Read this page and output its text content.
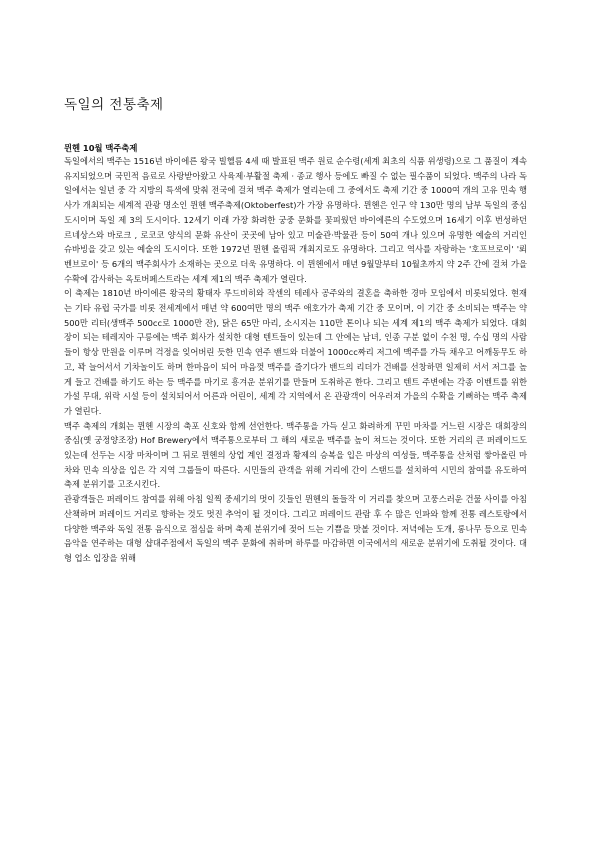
독일의 전통축제
뮌헨 10월 맥주축제

독일에서의 맥주는 1516년 바이에른 왕국 빌헬름 4세 때 발표된 맥주 원료 순수령(세계 최초의 식품 위생령)으로 그 품질이 계속 유지되었으며 국민적 음료로 사랑받아왔고 사육제·부활절 축제 · 종교 행사 등에도 빠질 수 없는 필수품이 되었다. 맥주의 나라 독일에서는 일년 중 각 지방의 특색에 맞춰 전국에 걸쳐 맥주 축제가 열리는데 그 중에서도 축제 기간 중 1000여 개의 고유 민속 행사가 개최되는 세계적 관광 명소인 뮌헨 맥주축제(Oktoberfest)가 가장 유명하다. 뮌헨은 인구 약 130만 명의 남부 독일의 중심 도시이며 독일 제 3의 도시이다. 12세기 이래 가장 화려한 궁중 문화를 꽃피웠던 바이에른의 수도였으며 16세기 이후 번성하던 르네상스와 바로크 , 로코코 양식의 문화 유산이 곳곳에 남아 있고 미술관·박물관 등이 50여 개나 있으며 유명한 예술의 거리인 슈바빙을 갖고 있는 예술의 도시이다. 또한 1972년 뮌헨 올림픽 개최지로도 유명하다. 그리고 역사를 자랑하는 '호프브로이' '뢰벤브로이' 등 6개의 맥주회사가 소재하는 곳으로 더욱 유명하다. 이 뮌헨에서 매년 9월말부터 10월초까지 약 2주 간에 걸쳐 가을 수확에 감사하는 옥토버페스트라는 세계 제1의 맥주 축제가 열린다.

이 축제는 1810년 바이에른 왕국의 황태자 루드비히와 작센의 테레사 공주와의 결혼을 축하한 경마 모임에서 비롯되었다. 현재는 기타 유럽 국가를 비롯 전세계에서 매년 약 600여만 명의 맥주 애호가가 축제 기간 중 모이며, 이 기간 중 소비되는 맥주는 약500만 리터(생맥주 500cc로 1000만 잔), 닭은 65만 마리, 소시지는 110만 톤이나 되는 세계 제1의 맥주 축제가 되었다. 대회장이 되는 테레지아 구릉에는 맥주 회사가 설치한 대형 텐트들이 있는데 그 안에는 남녀, 인종 구분 없이 수천 명, 수십 명의 사람들이 항상 만원을 이루며 걱정을 잊어버린 듯한 민속 연주 밴드와 더불어 1000cc짜리 저그에 맥주를 가득 채우고 어깨동무도 하고, 꽉 늘어서서 기차놀이도 하며 한마음이 되어 마음껏 맥주를 즐기다가 밴드의 리더가 건배를 선창하면 일제히 서서 저그를 높게 들고 건배를 하기도 하는 등 맥주를 마기로 흥겨운 분위기를 만들며 도취하곤 한다. 그리고 텐트 주변에는 각종 이벤트를 위한 가설 무대, 위락 시설 등이 설치되어서 어른과 어린이, 세계 각 지역에서 온 관광객이 어우러져 가을의 수확을 기뻐하는 맥주 축제가 열린다.

맥주 축제의 개회는 뮌헨 시장의 축포 신호와 함께 선언한다. 맥주통을 가득 싣고 화려하게 꾸민 마차를 거느린 시장은 대회장의 중심(옛 궁정양조장) Hof Brewery에서 맥주통으로부터 그 해의 새로운 맥주를 높이 쳐드는 것이다. 또한 거리의 큰 퍼레이드도 있는데 선두는 시장 마차이며 그 뒤로 뮌헨의 상업 계인 결정과 황제의 승복을 입은 마상의 여성들, 맥주통을 산처럼 쌓아올린 마차와 민속 의상을 입은 각 지역 그룹들이 따른다. 시민들의 관객을 위해 거리에 간이 스탠드를 설치하여 시민의 참여를 유도하여 축제 분위기를 고조시킨다.

관광객들은 퍼레이드 참여를 위해 아침 일찍 중세기의 멋이 깃들인 뮌헨의 돌들작 이 거리를 찾으며 고풍스러운 건물 사이를 아침 산책하며 퍼레이드 거리로 향하는 것도 멋진 추억이 될 것이다. 그리고 퍼레이드 관람 후 수 많은 인파와 함께 전통 레스토랑에서 다양한 맥주와 독일 전통 음식으로 점심을 하며 축제 분위기에 젖어 드는 기쁨을 맛볼 것이다. 저녁에는 도개, 롱나무 등으로 민속 음악을 연주하는 대형 샵대주점에서 독일의 맥주 문화에 취하며 하루를 마감하면 이국에서의 새로운 분위기에 도취될 것이다. 대형 업소 입장을 위해
